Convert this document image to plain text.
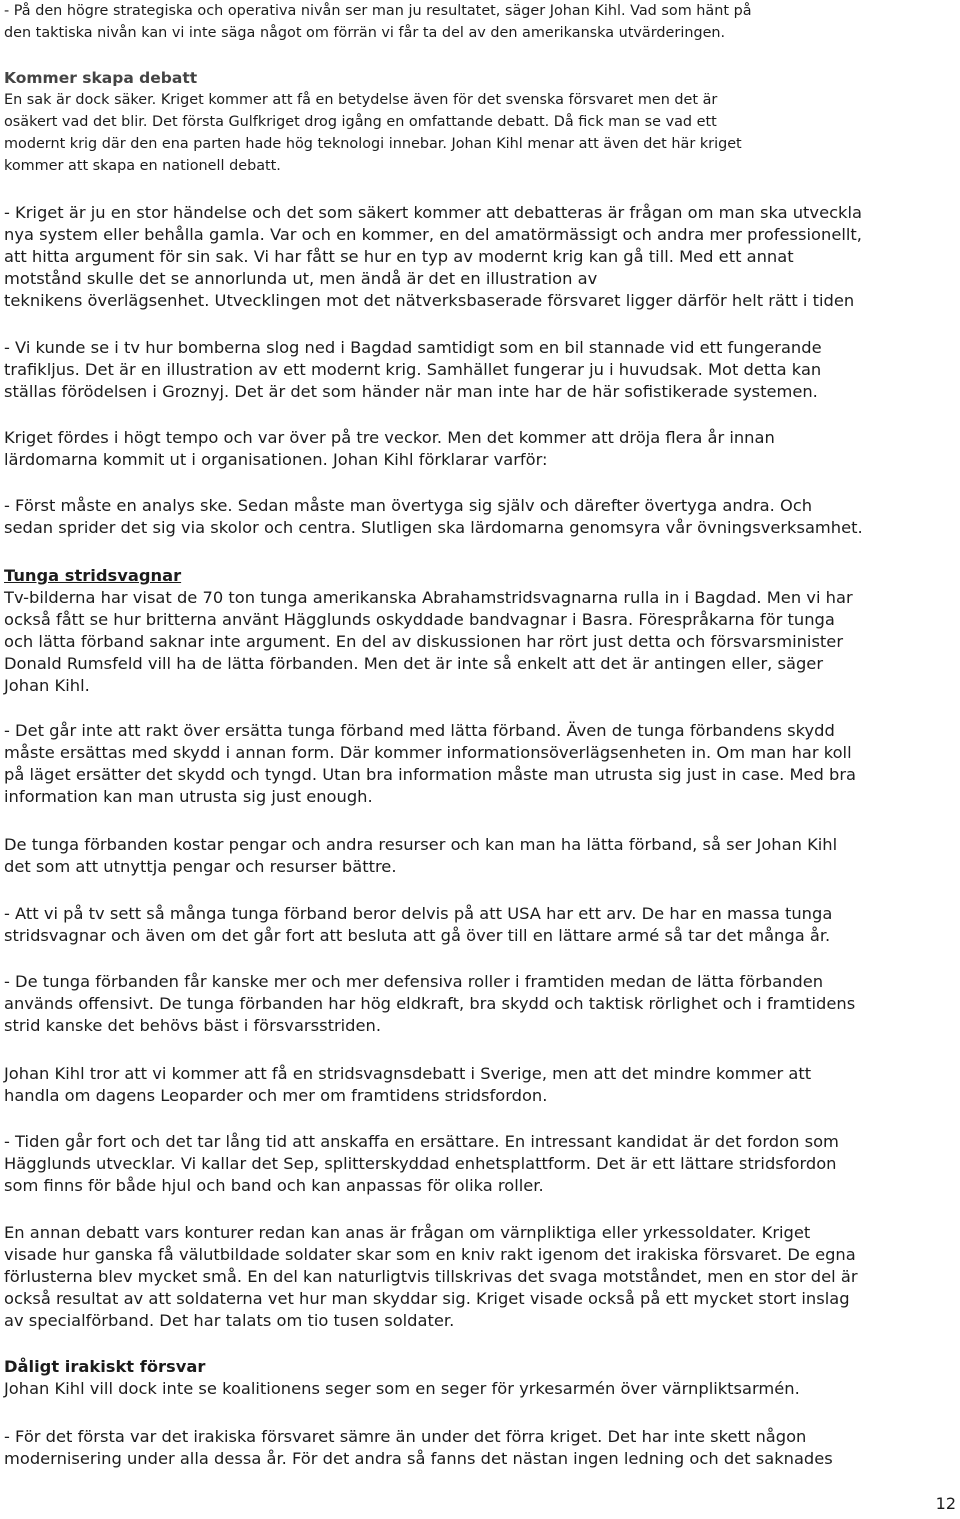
- På den högre strategiska och operativa nivån ser man ju resultatet, säger Johan Kihl. Vad som hänt på
den taktiska nivån kan vi inte säga något om förrän vi får ta del av den amerikanska utvärderingen.
Kommer skapa debatt
En sak är dock säker. Kriget kommer att få en betydelse även för det svenska försvaret men det är
osäkert vad det blir. Det första Gulfkriget drog igång en omfattande debatt. Då fick man se vad ett
modernt krig där den ena parten hade hög teknologi innebar. Johan Kihl menar att även det här kriget
kommer att skapa en nationell debatt.
- Kriget är ju en stor händelse och det som säkert kommer att debatteras är frågan om man ska utveckla
nya system eller behålla gamla. Var och en kommer, en del amatörmässigt och andra mer professionellt,
att hitta argument för sin sak. Vi har fått se hur en typ av modernt krig kan gå till. Med ett annat
motstånd skulle det se annorlunda ut, men ändå är det en illustration av
teknikens överlägsenhet. Utvecklingen mot det nätverksbaserade försvaret ligger därför helt rätt i tiden
- Vi kunde se i tv hur bomberna slog ned i Bagdad samtidigt som en bil stannade vid ett fungerande
trafikljus. Det är en illustration av ett modernt krig. Samhället fungerar ju i huvudsak. Mot detta kan
ställas förödelsen i Groznyj. Det är det som händer när man inte har de här sofistikerade systemen.
Kriget fördes i högt tempo och var över på tre veckor. Men det kommer att dröja flera år innan
lärdomarna kommit ut i organisationen. Johan Kihl förklarar varför:
- Först måste en analys ske. Sedan måste man övertyga sig själv och därefter övertyga andra. Och
sedan sprider det sig via skolor och centra. Slutligen ska lärdomarna genomsyra vår övningsverksamhet.
Tunga stridsvagnar
Tv-bilderna har visat de 70 ton tunga amerikanska Abrahamstridsvagnarna rulla in i Bagdad. Men vi har
också fått se hur britterna använt Hägglunds oskyddade bandvagnar i Basra. Förespråkarna för tunga
och lätta förband saknar inte argument. En del av diskussionen har rört just detta och försvarsminister
Donald Rumsfeld vill ha de lätta förbanden. Men det är inte så enkelt att det är antingen eller, säger
Johan Kihl.
- Det går inte att rakt över ersätta tunga förband med lätta förband. Även de tunga förbandens skydd
måste ersättas med skydd i annan form. Där kommer informationsöverlägsenheten in. Om man har koll
på läget ersätter det skydd och tyngd. Utan bra information måste man utrusta sig just in case. Med bra
information kan man utrusta sig just enough.
De tunga förbanden kostar pengar och andra resurser och kan man ha lätta förband, så ser Johan Kihl
det som att utnyttja pengar och resurser bättre.
- Att vi på tv sett så många tunga förband beror delvis på att USA har ett arv. De har en massa tunga
stridsvagnar och även om det går fort att besluta att gå över till en lättare armé så tar det många år.
- De tunga förbanden får kanske mer och mer defensiva roller i framtiden medan de lätta förbanden
används offensivt. De tunga förbanden har hög eldkraft, bra skydd och taktisk rörlighet och i framtidens
strid kanske det behövs bäst i försvarsstriden.
Johan Kihl tror att vi kommer att få en stridsvagnsdebatt i Sverige, men att det mindre kommer att
handla om dagens Leoparder och mer om framtidens stridsfordon.
- Tiden går fort och det tar lång tid att anskaffa en ersättare. En intressant kandidat är det fordon som
Hägglunds utvecklar. Vi kallar det Sep, splitterskyddad enhetsplattform. Det är ett lättare stridsfordon
som finns för både hjul och band och kan anpassas för olika roller.
En annan debatt vars konturer redan kan anas är frågan om värnpliktiga eller yrkessoldater. Kriget
visade hur ganska få välutbildade soldater skar som en kniv rakt igenom det irakiska försvaret. De egna
förlusterna blev mycket små. En del kan naturligtvis tillskrivas det svaga motståndet, men en stor del är
också resultat av att soldaterna vet hur man skyddar sig. Kriget visade också på ett mycket stort inslag
av specialförband. Det har talats om tio tusen soldater.
Dåligt irakiskt försvar
Johan Kihl vill dock inte se koalitionens seger som en seger för yrkesarmén över värnpliktsarmén.
- För det första var det irakiska försvaret sämre än under det förra kriget. Det har inte skett någon
modernisering under alla dessa år. För det andra så fanns det nästan ingen ledning och det saknades
12
